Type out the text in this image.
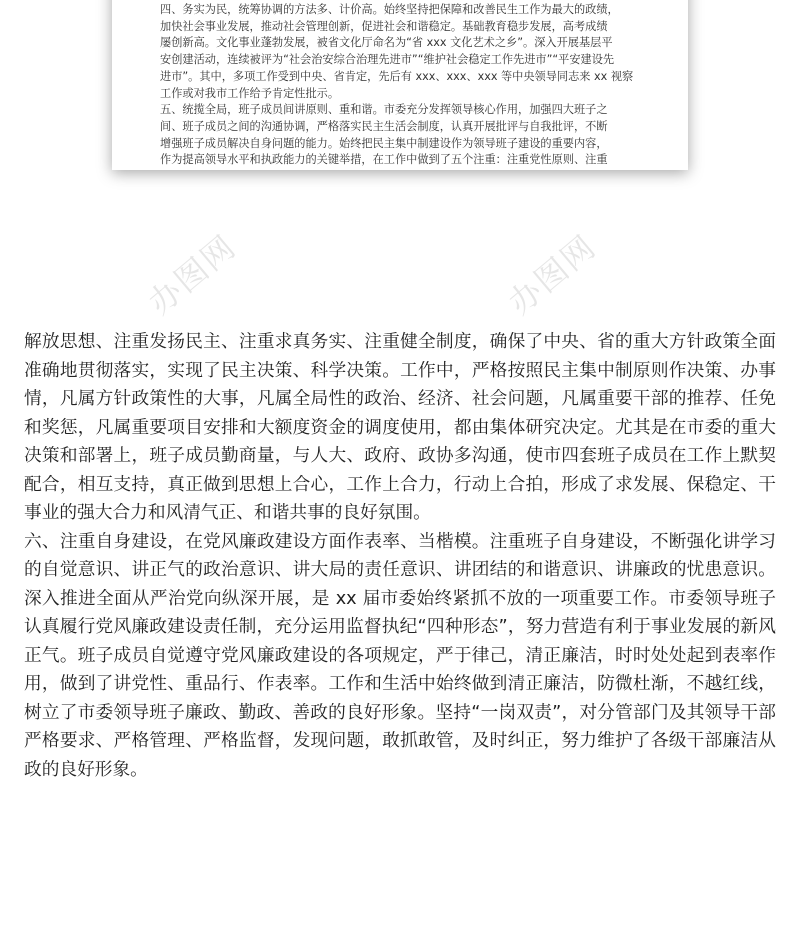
四、务实为民，统筹协调的方法多、计价高。始终坚持把保障和改善民生工作为最大的政绩，

加快社会事业发展，推动社会管理创新，促进社会和谐稳定。基础教育稳步发展，高考成绩

屡创新高。文化事业蓬勃发展，被省文化厅命名为“省 xxx 文化艺术之乡”。深入开展基层平

安创建活动，连续被评为“社会治安综合治理先进市”“维护社会稳定工作先进市”“平安建设先

进市”。其中，多项工作受到中央、省肯定，先后有 xxx、xxx、xxx 等中央领导同志来 xx 视察

工作或对我市工作给予肯定性批示。

五、统揽全局，班子成员间讲原则、重和谐。市委充分发挥领导核心作用，加强四大班子之

间、班子成员之间的沟通协调，严格落实民主生活会制度，认真开展批评与自我批评，不断

增强班子成员解决自身问题的能力。始终把民主集中制建设作为领导班子建设的重要内容，

作为提高领导水平和执政能力的关键举措，在工作中做到了五个注重：注重党性原则、注重

办图网	办图网

解放思想、注重发扬民主、注重求真务实、注重健全制度，确保了中央、省的重大方针政策全面准确地贯彻落实，实现了民主决策、科学决策。工作中，严格按照民主集中制原则作决策、办事情，凡属方针政策性的大事，凡属全局性的政治、经济、社会问题，凡属重要干部的推荐、任免和奖惩，凡属重要项目安排和大额度资金的调度使用，都由集体研究决定。尤其是在市委的重大决策和部署上，班子成员勤商量，与人大、政府、政协多沟通，使市四套班子成员在工作上默契配合，相互支持，真正做到思想上合心，工作上合力，行动上合拍，形成了求发展、保稳定、干事业的强大合力和风清气正、和谐共事的良好氛围。

六、注重自身建设，在党风廉政建设方面作表率、当楷模。注重班子自身建设，不断强化讲学习的自觉意识、讲正气的政治意识、讲大局的责任意识、讲团结的和谐意识、讲廉政的忧患意识。深入推进全面从严治党向纵深开展，是 xx 届市委始终紧抓不放的一项重要工作。市委领导班子认真履行党风廉政建设责任制，充分运用监督执纪“四种形态”，努力营造有利于事业发展的新风正气。班子成员自觉遵守党风廉政建设的各项规定，严于律己，清正廉洁，时时处处起到表率作用，做到了讲党性、重品行、作表率。工作和生活中始终做到清正廉洁，防微杜渐，不越红线，树立了市委领导班子廉政、勤政、善政的良好形象。坚持“一岗双责”，对分管部门及其领导干部严格要求、严格管理、严格监督，发现问题，敢抓敢管，及时纠正，努力维护了各级干部廉洁从政的良好形象。
